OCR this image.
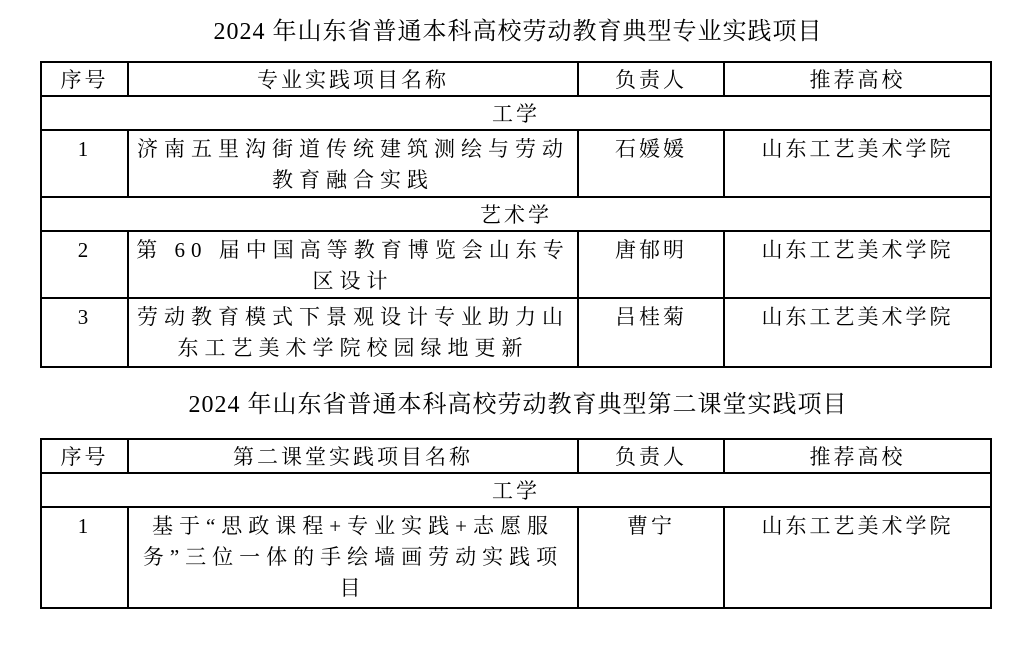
2024 年山东省普通本科高校劳动教育典型专业实践项目
序号	专业实践项目名称	负责人	推荐高校
工学			
1	济南五里沟街道传统建筑测绘与劳动教育融合实践	石媛媛	山东工艺美术学院
艺术学			
2	第 60 届中国高等教育博览会山东专区设计	唐郁明	山东工艺美术学院
3	劳动教育模式下景观设计专业助力山东工艺美术学院校园绿地更新	吕桂菊	山东工艺美术学院
2024 年山东省普通本科高校劳动教育典型第二课堂实践项目
序号	第二课堂实践项目名称	负责人	推荐高校
工学			
1	基于“思政课程+专业实践+志愿服务”三位一体的手绘墙画劳动实践项目	曹宁	山东工艺美术学院
